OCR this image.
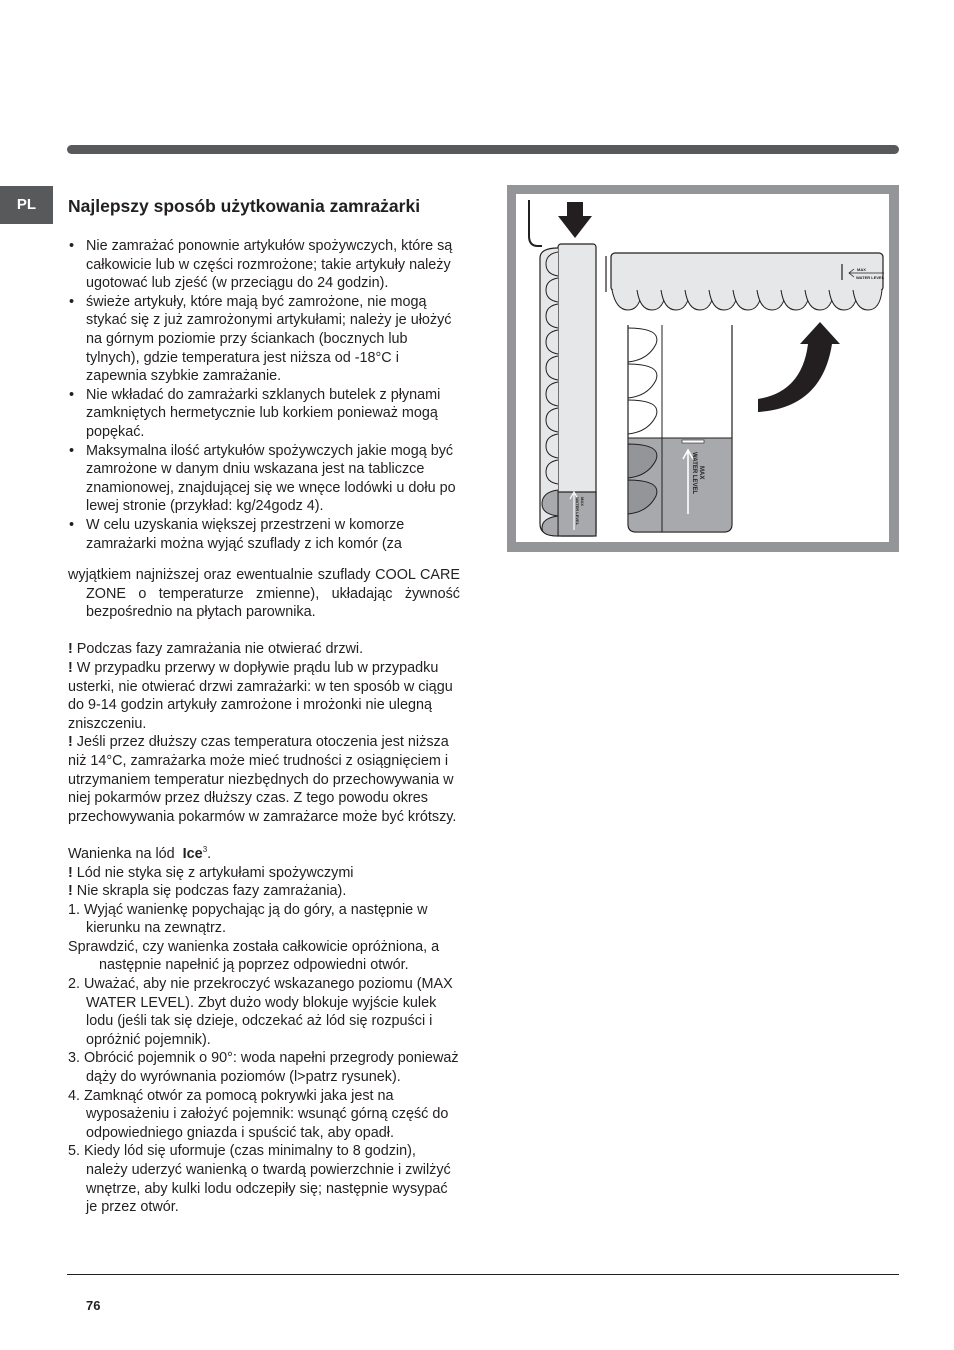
PL	Najlepszy sposób użytkowania zamrażarki
• Nie zamrażać ponownie artykułów spożywczych, które są całkowicie lub w części rozmrożone; takie artykuły należy ugotować lub zjeść (w przeciągu do 24 godzin).
• świeże artykuły, które mają być zamrożone, nie mogą stykać się z już zamrożonymi artykułami; należy je ułożyć na górnym poziomie przy ściankach (bocznych lub tylnych), gdzie temperatura jest niższa od -18°C i zapewnia szybkie zamrażanie.
• Nie wkładać do zamrażarki szklanych butelek z płynami zamkniętych hermetycznie lub korkiem ponieważ mogą popękać.
• Maksymalna ilość artykułów spożywczych jakie mogą być zamrożone w danym dniu wskazana jest na tabliczce znamionowej, znajdującej się we wnęce lodówki u dołu po lewej stronie (przykład: kg/24godz 4).
• W celu uzyskania większej przestrzeni w komorze zamrażarki można wyjąć szuflady z ich komór (za

wyjątkiem najniższej oraz ewentualnie szuflady COOL CARE ZONE o temperaturze zmienne), układając żywność bezpośrednio na płytach parownika.

! Podczas fazy zamrażania nie otwierać drzwi.

! W przypadku przerwy w dopływie prądu lub w przypadku usterki, nie otwierać drzwi zamrażarki: w ten sposób w ciągu do 9-14 godzin artykuły zamrożone i mrożonki nie ulegną zniszczeniu.

! Jeśli przez dłuższy czas temperatura otoczenia jest niższa niż 14°C, zamrażarka może mieć trudności z osiągnięciem i utrzymaniem temperatur niezbędnych do przechowywania w niej pokarmów przez dłuższy czas. Z tego powodu okres przechowywania pokarmów w zamrażarce może być krótszy.

Wanienka na lód Ice$^3$.

! Lód nie styka się z artykułami spożywczymi

! Nie skrapla się podczas fazy zamrażania).

1. Wyjąć wanienkę popychając ją do góry, a następnie w kierunku na zewnątrz.

Sprawdzić, czy wanienka została całkowicie opróżniona, a następnie napełnić ją poprzez odpowiedni otwór.

2. Uważać, aby nie przekroczyć wskazanego poziomu (MAX WATER LEVEL). Zbyt dużo wody blokuje wyjście kulek lodu (jeśli tak się dzieje, odczekać aż lód się rozpuści i opróżnić pojemnik).

3. Obrócić pojemnik o 90°: woda napełni przegrody ponieważ dąży do wyrównania poziomów (l>patrz rysunek).

4. Zamknąć otwór za pomocą pokrywki jaka jest na wyposażeniu i założyć pojemnik: wsunąć górną część do odpowiedniego gniazda i spuścić tak, aby opadł.

5. Kiedy lód się uformuje (czas minimalny to 8 godzin), należy uderzyć wanienką o twardą powierzchnie i zwilżyć wnętrze, aby kulki lodu odczepiły się; następnie wysypać je przez otwór.

MAX
WATER LEVEL
MAX
WATER LEVEL
MAX
WATER LEVEL
76
